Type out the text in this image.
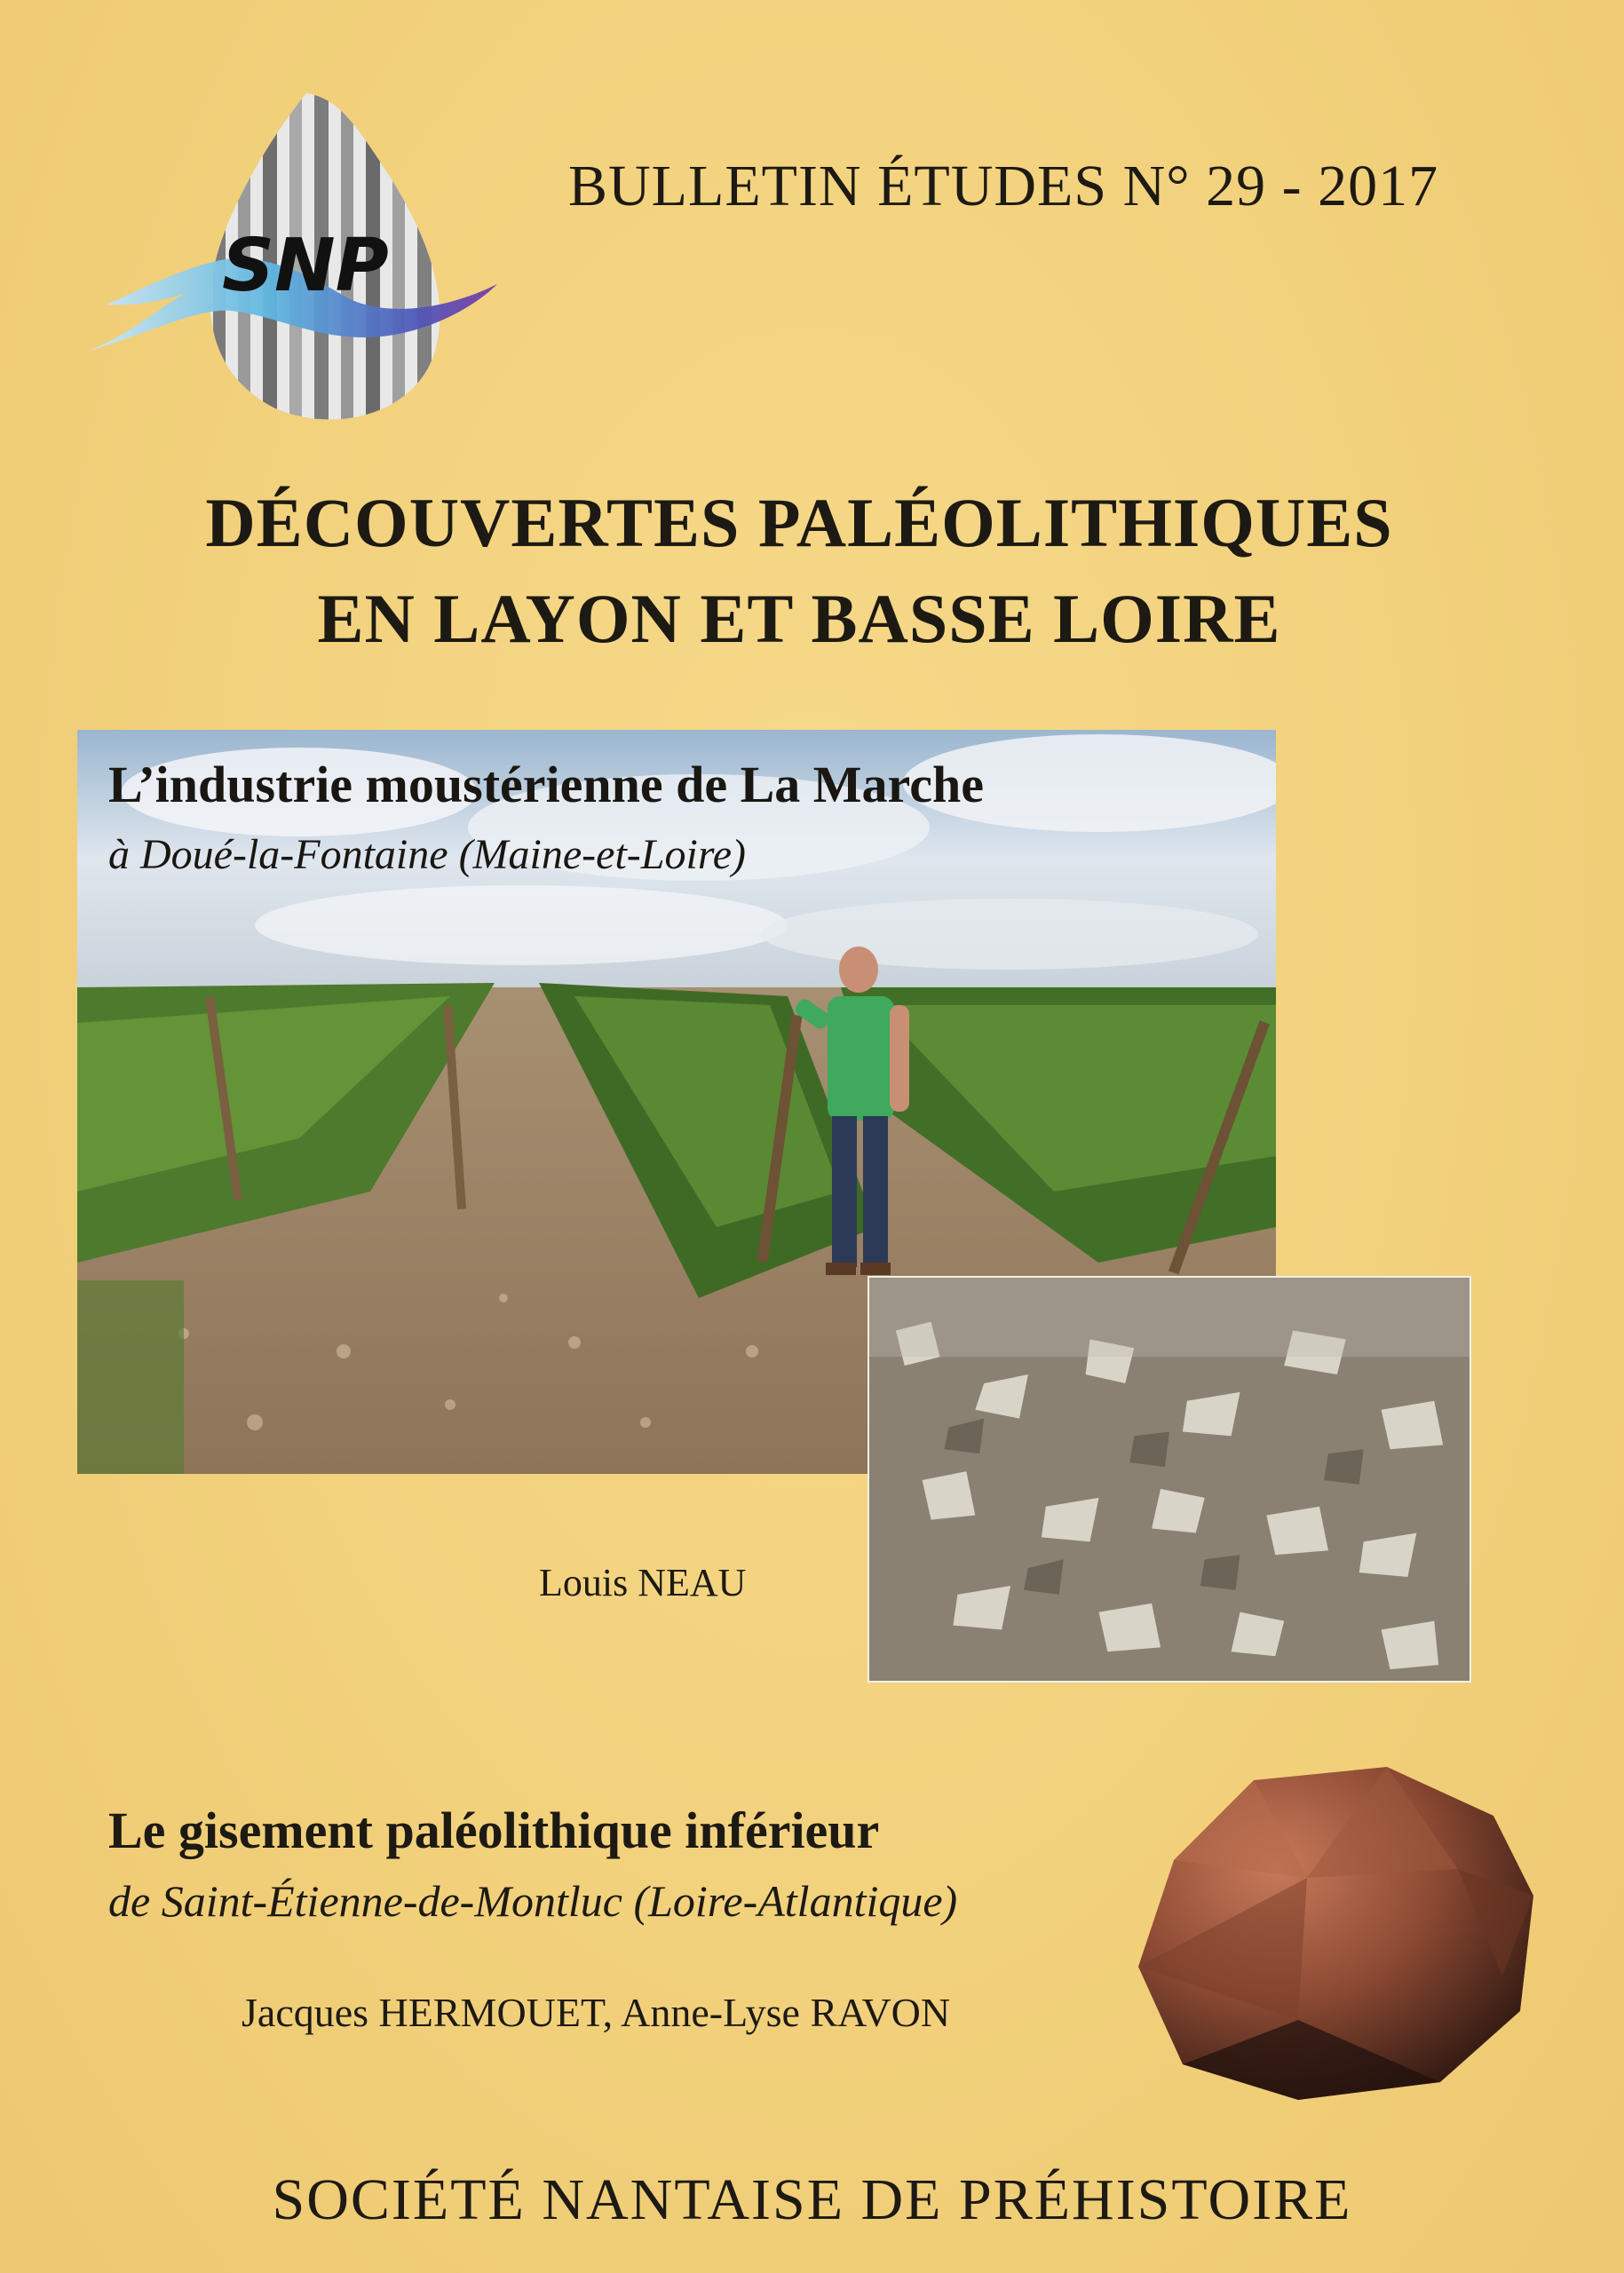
SNP
BULLETIN ÉTUDES N° 29 - 2017
DÉCOUVERTES PALÉOLITHIQUES
EN LAYON ET BASSE LOIRE
L’industrie moustérienne de La Marche
à Doué-la-Fontaine (Maine-et-Loire)
Louis NEAU
Le gisement paléolithique inférieur
de Saint-Étienne-de-Montluc (Loire-Atlantique)
Jacques HERMOUET, Anne-Lyse RAVON
SOCIÉTÉ NANTAISE DE PRÉHISTOIRE
